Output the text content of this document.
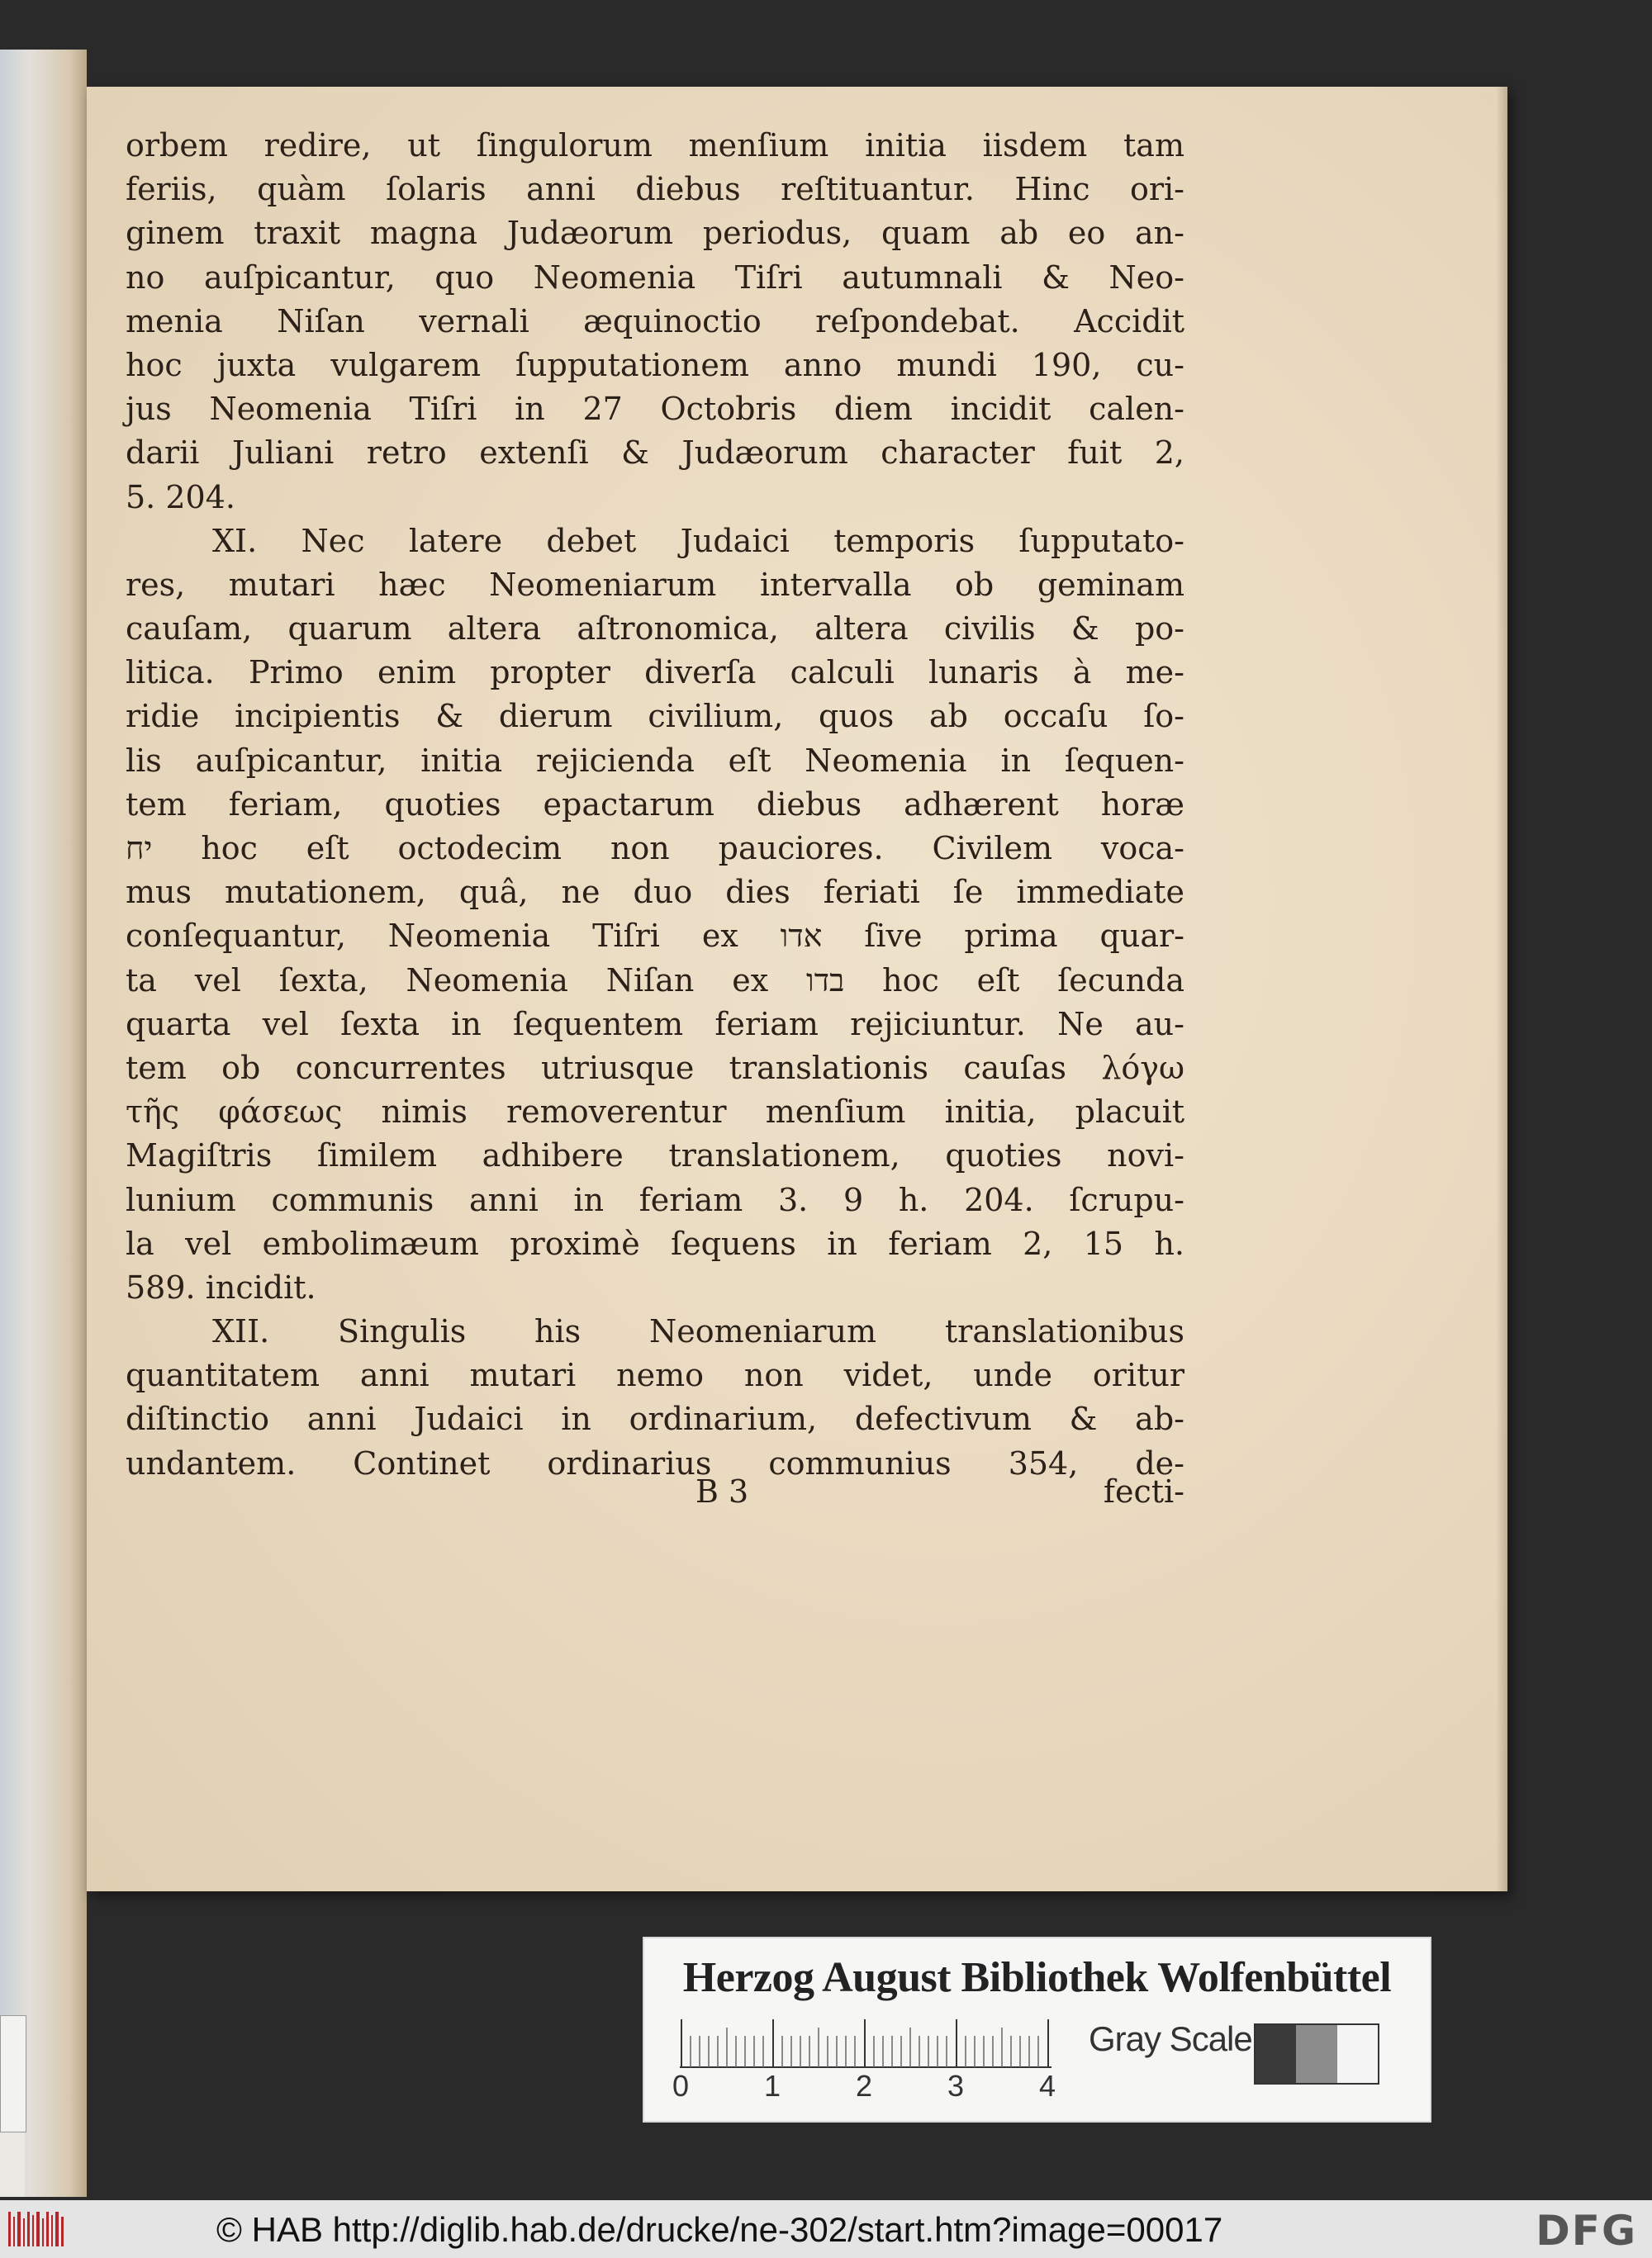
orbem redire, ut ſingulorum menſium initia iisdem tam
feriis, quàm ſolaris anni diebus reſtituantur. Hinc ori-
ginem traxit magna Judæorum periodus, quam ab eo an-
no auſpicantur, quo Neomenia Tiſri autumnali & Neo-
menia Niſan vernali æquinoctio reſpondebat. Accidit
hoc juxta vulgarem ſupputationem anno mundi 190, cu-
jus Neomenia Tiſri in 27 Octobris diem incidit calen-
darii Juliani retro extenſi & Judæorum character fuit 2,
5. 204.
XI. Nec latere debet Judaici temporis ſupputato-
res, mutari hæc Neomeniarum intervalla ob geminam
cauſam, quarum altera aſtronomica, altera civilis & po-
litica. Primo enim propter diverſa calculi lunaris à me-
ridie incipientis & dierum civilium, quos ab occaſu ſo-
lis auſpicantur, initia rejicienda eſt Neomenia in ſequen-
tem feriam, quoties epactarum diebus adhærent horæ
יח hoc eſt octodecim non pauciores. Civilem voca-
mus mutationem, quâ, ne duo dies feriati ſe immediate
conſequantur, Neomenia Tiſri ex אדו ſive prima quar-
ta vel ſexta, Neomenia Niſan ex בדו hoc eſt ſecunda
quarta vel ſexta in ſequentem feriam rejiciuntur. Ne au-
tem ob concurrentes utriusque translationis cauſas λόγω
τῆς φάσεως nimis removerentur menſium initia, placuit
Magiſtris ſimilem adhibere translationem, quoties novi-
lunium communis anni in feriam 3. 9 h. 204. ſcrupu-
la vel embolimæum proximè ſequens in feriam 2, 15 h.
589. incidit.
XII. Singulis his Neomeniarum translationibus
quantitatem anni mutari nemo non videt, unde oritur
diſtinctio anni Judaici in ordinarium, defectivum & ab-
undantem. Continet ordinarius communius 354, de-
B 3	fecti-
Herzog August Bibliothek Wolfenbüttel
0	1	2	3	4
Gray Scale
© HAB http://diglib.hab.de/drucke/ne-302/start.htm?image=00017	DFG
